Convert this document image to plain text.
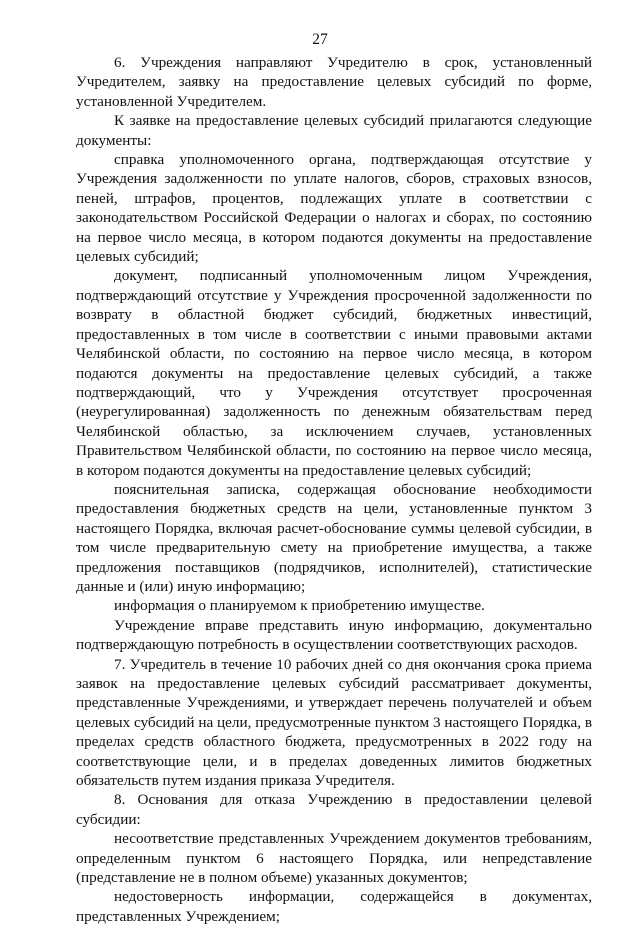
27

6. Учреждения направляют Учредителю в срок, установленный Учредителем, заявку на предоставление целевых субсидий по форме, установленной Учредителем.

К заявке на предоставление целевых субсидий прилагаются следующие документы:

справка уполномоченного органа, подтверждающая отсутствие у Учреждения задолженности по уплате налогов, сборов, страховых взносов, пеней, штрафов, процентов, подлежащих уплате в соответствии с законодательством Российской Федерации о налогах и сборах, по состоянию на первое число месяца, в котором подаются документы на предоставление целевых субсидий;

документ, подписанный уполномоченным лицом Учреждения, подтверждающий отсутствие у Учреждения просроченной задолженности по возврату в областной бюджет субсидий, бюджетных инвестиций, предоставленных в том числе в соответствии с иными правовыми актами Челябинской области, по состоянию на первое число месяца, в котором подаются документы на предоставление целевых субсидий, а также подтверждающий, что у Учреждения отсутствует просроченная (неурегулированная) задолженность по денежным обязательствам перед Челябинской областью, за исключением случаев, установленных Правительством Челябинской области, по состоянию на первое число месяца, в котором подаются документы на предоставление целевых субсидий;

пояснительная записка, содержащая обоснование необходимости предоставления бюджетных средств на цели, установленные пунктом 3 настоящего Порядка, включая расчет-обоснование суммы целевой субсидии, в том числе предварительную смету на приобретение имущества, а также предложения поставщиков (подрядчиков, исполнителей), статистические данные и (или) иную информацию;

информация о планируемом к приобретению имуществе.

Учреждение вправе представить иную информацию, документально подтверждающую потребность в осуществлении соответствующих расходов.

7. Учредитель в течение 10 рабочих дней со дня окончания срока приема заявок на предоставление целевых субсидий рассматривает документы, представленные Учреждениями, и утверждает перечень получателей и объем целевых субсидий на цели, предусмотренные пунктом 3 настоящего Порядка, в пределах средств областного бюджета, предусмотренных в 2022 году на соответствующие цели, и в пределах доведенных лимитов бюджетных обязательств путем издания приказа Учредителя.

8. Основания для отказа Учреждению в предоставлении целевой субсидии:

несоответствие представленных Учреждением документов требованиям, определенным пунктом 6 настоящего Порядка, или непредставление (представление не в полном объеме) указанных документов;

недостоверность информации, содержащейся в документах, представленных Учреждением;
